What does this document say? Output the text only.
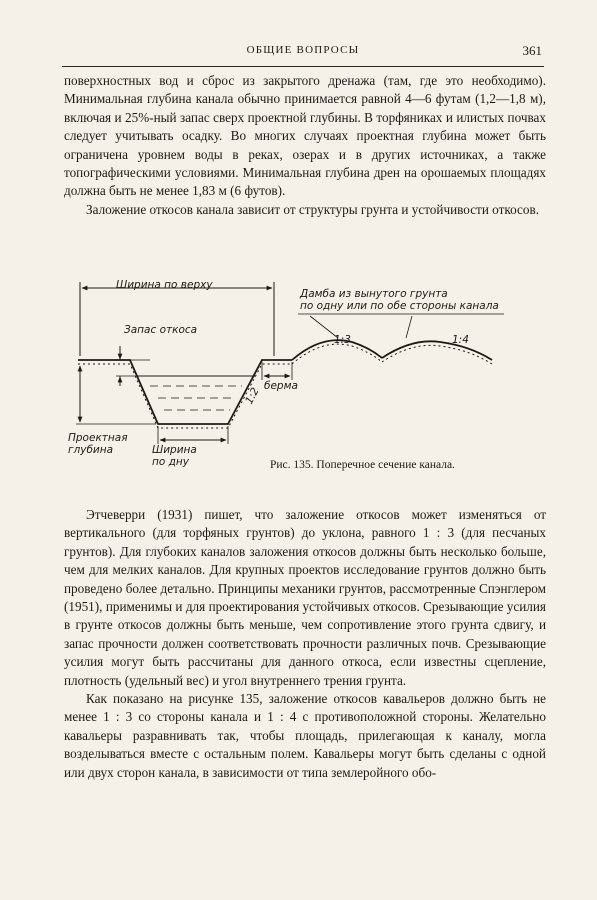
ОБЩИЕ ВОПРОСЫ	361

поверхностных вод и сброс из закрытого дренажа (там, где это необходимо). Минимальная глубина канала обычно принимается равной 4—6 футам (1,2—1,8 м), включая и 25%-ный запас сверх проектной глубины. В торфяниках и илистых почвах следует учитывать осадку. Во многих случаях проектная глубина может быть ограничена уровнем воды в реках, озерах и в других источниках, а также топографическими условиями. Минимальная глубина дрен на орошаемых площадях должна быть не менее 1,83 м (6 футов).

Заложение откосов канала зависит от структуры грунта и устойчивости откосов.

Ширина по верху
Запас откоса
Проектная
глубина	Ширина
по дну
берма
1:2
Дамба из вынутого грунта
по одну или по обе стороны канала
1:3	1:4
Рис. 135. Поперечное сечение канала.

Этчеверри (1931) пишет, что заложение откосов может изменяться от вертикального (для торфяных грунтов) до уклона, равного 1 : 3 (для песчаных грунтов). Для глубоких каналов заложения откосов должны быть несколько больше, чем для мелких каналов. Для крупных проектов исследование грунтов должно быть проведено более детально. Принципы механики грунтов, рассмотренные Спэнглером (1951), применимы и для проектирования устойчивых откосов. Срезывающие усилия в грунте откосов должны быть меньше, чем сопротивление этого грунта сдвигу, и запас прочности должен соответствовать прочности различных почв. Срезывающие усилия могут быть рассчитаны для данного откоса, если известны сцепление, плотность (удельный вес) и угол внутреннего трения грунта.

Как показано на рисунке 135, заложение откосов кавальеров должно быть не менее 1 : 3 со стороны канала и 1 : 4 с противоположной стороны. Желательно кавальеры разравнивать так, чтобы площадь, прилегающая к каналу, могла возделываться вместе с остальным полем. Кавальеры могут быть сделаны с одной или двух сторон канала, в зависимости от типа землеройного обо-
